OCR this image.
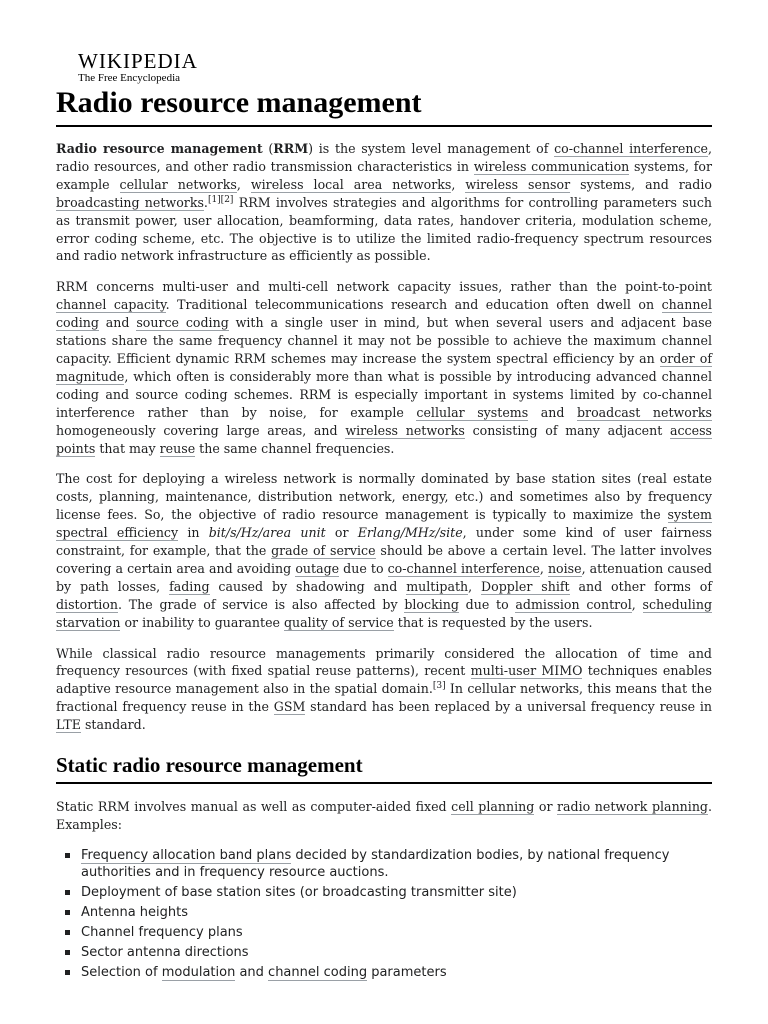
WIKIPEDIA
The Free Encyclopedia
Radio resource management

Radio resource management (RRM) is the system level management of co-channel interference, radio resources, and other radio transmission characteristics in wireless communication systems, for example cellular networks, wireless local area networks, wireless sensor systems, and radio broadcasting networks.[1][2] RRM involves strategies and algorithms for controlling parameters such as transmit power, user allocation, beamforming, data rates, handover criteria, modulation scheme, error coding scheme, etc. The objective is to utilize the limited radio-frequency spectrum resources and radio network infrastructure as efficiently as possible.

RRM concerns multi-user and multi-cell network capacity issues, rather than the point-to-point channel capacity. Traditional telecommunications research and education often dwell on channel coding and source coding with a single user in mind, but when several users and adjacent base stations share the same frequency channel it may not be possible to achieve the maximum channel capacity. Efficient dynamic RRM schemes may increase the system spectral efficiency by an order of magnitude, which often is considerably more than what is possible by introducing advanced channel coding and source coding schemes. RRM is especially important in systems limited by co-channel interference rather than by noise, for example cellular systems and broadcast networks homogeneously covering large areas, and wireless networks consisting of many adjacent access points that may reuse the same channel frequencies.

The cost for deploying a wireless network is normally dominated by base station sites (real estate costs, planning, maintenance, distribution network, energy, etc.) and sometimes also by frequency license fees. So, the objective of radio resource management is typically to maximize the system spectral efficiency in bit/s/Hz/area unit or Erlang/MHz/site, under some kind of user fairness constraint, for example, that the grade of service should be above a certain level. The latter involves covering a certain area and avoiding outage due to co-channel interference, noise, attenuation caused by path losses, fading caused by shadowing and multipath, Doppler shift and other forms of distortion. The grade of service is also affected by blocking due to admission control, scheduling starvation or inability to guarantee quality of service that is requested by the users.

While classical radio resource managements primarily considered the allocation of time and frequency resources (with fixed spatial reuse patterns), recent multi-user MIMO techniques enables adaptive resource management also in the spatial domain.[3] In cellular networks, this means that the fractional frequency reuse in the GSM standard has been replaced by a universal frequency reuse in LTE standard.

Static radio resource management

Static RRM involves manual as well as computer-aided fixed cell planning or radio network planning. Examples:

Frequency allocation band plans decided by standardization bodies, by national frequency authorities and in frequency resource auctions.
Deployment of base station sites (or broadcasting transmitter site)
Antenna heights
Channel frequency plans
Sector antenna directions
Selection of modulation and channel coding parameters
